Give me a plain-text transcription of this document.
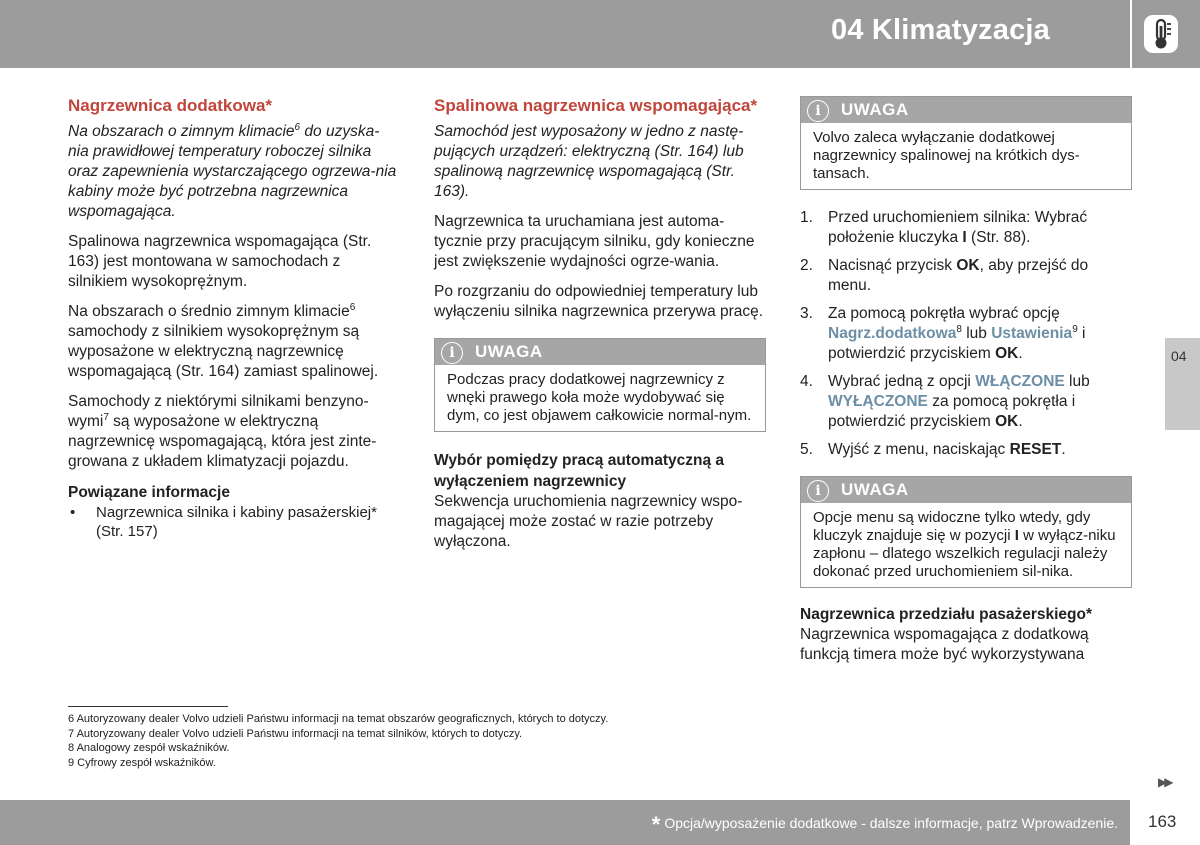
04 Klimatyzacja
04
Nagrzewnica dodatkowa*

Na obszarach o zimnym klimacie$^6$ do uzyska-nia prawidłowej temperatury roboczej silnika oraz zapewnienia wystarczającego ogrzewa-nia kabiny może być potrzebna nagrzewnica wspomagająca.

Spalinowa nagrzewnica wspomagająca (Str. 163) jest montowana w samochodach z silnikiem wysokoprężnym.

Na obszarach o średnio zimnym klimacie$^6$ samochody z silnikiem wysokoprężnym są wyposażone w elektryczną nagrzewnicę wspomagającą (Str. 164) zamiast spalinowej.

Samochody z niektórymi silnikami benzyno-wymi$^7$ są wyposażone w elektryczną nagrzewnicę wspomagającą, która jest zinte-growana z układem klimatyzacji pojazdu.

Powiązane informacje
• Nagrzewnica silnika i kabiny pasażerskiej* (Str. 157)
Spalinowa nagrzewnica wspomagająca*

Samochód jest wyposażony w jedno z nastę-pujących urządzeń: elektryczną (Str. 164) lub spalinową nagrzewnicę wspomagającą (Str. 163).

Nagrzewnica ta uruchamiana jest automa-tycznie przy pracującym silniku, gdy konieczne jest zwiększenie wydajności ogrze-wania.

Po rozgrzaniu do odpowiedniej temperatury lub wyłączeniu silnika nagrzewnica przerywa pracę.

i	UWAGA
Podczas pracy dodatkowej nagrzewnicy z wnęki prawego koła może wydobywać się dym, co jest objawem całkowicie normal-nym.
Wybór pomiędzy pracą automatyczną a wyłączeniem nagrzewnicy

Sekwencja uruchomienia nagrzewnicy wspo-magającej może zostać w razie potrzeby wyłączona.

i	UWAGA
Volvo zaleca wyłączanie dodatkowej nagrzewnicy spalinowej na krótkich dys-tansach.
1. Przed uruchomieniem silnika: Wybrać położenie kluczyka I (Str. 88).
2. Nacisnąć przycisk OK, aby przejść do menu.
3. Za pomocą pokrętła wybrać opcję Nagrz.dodatkowa$^8$ lub Ustawienia$^9$ i potwierdzić przyciskiem OK.
4. Wybrać jedną z opcji WŁĄCZONE lub WYŁĄCZONE za pomocą pokrętła i potwierdzić przyciskiem OK.
5. Wyjść z menu, naciskając RESET.
i	UWAGA
Opcje menu są widoczne tylko wtedy, gdy kluczyk znajduje się w pozycji I w wyłącz-niku zapłonu – dlatego wszelkich regulacji należy dokonać przed uruchomieniem sil-nika.
Nagrzewnica przedziału pasażerskiego*

Nagrzewnica wspomagająca z dodatkową funkcją timera może być wykorzystywana

6 Autoryzowany dealer Volvo udzieli Państwu informacji na temat obszarów geograficznych, których to dotyczy.
7 Autoryzowany dealer Volvo udzieli Państwu informacji na temat silników, których to dotyczy.
8 Analogowy zespół wskaźników.
9 Cyfrowy zespół wskaźników.
▶▶
* Opcja/wyposażenie dodatkowe - dalsze informacje, patrz Wprowadzenie. 163
